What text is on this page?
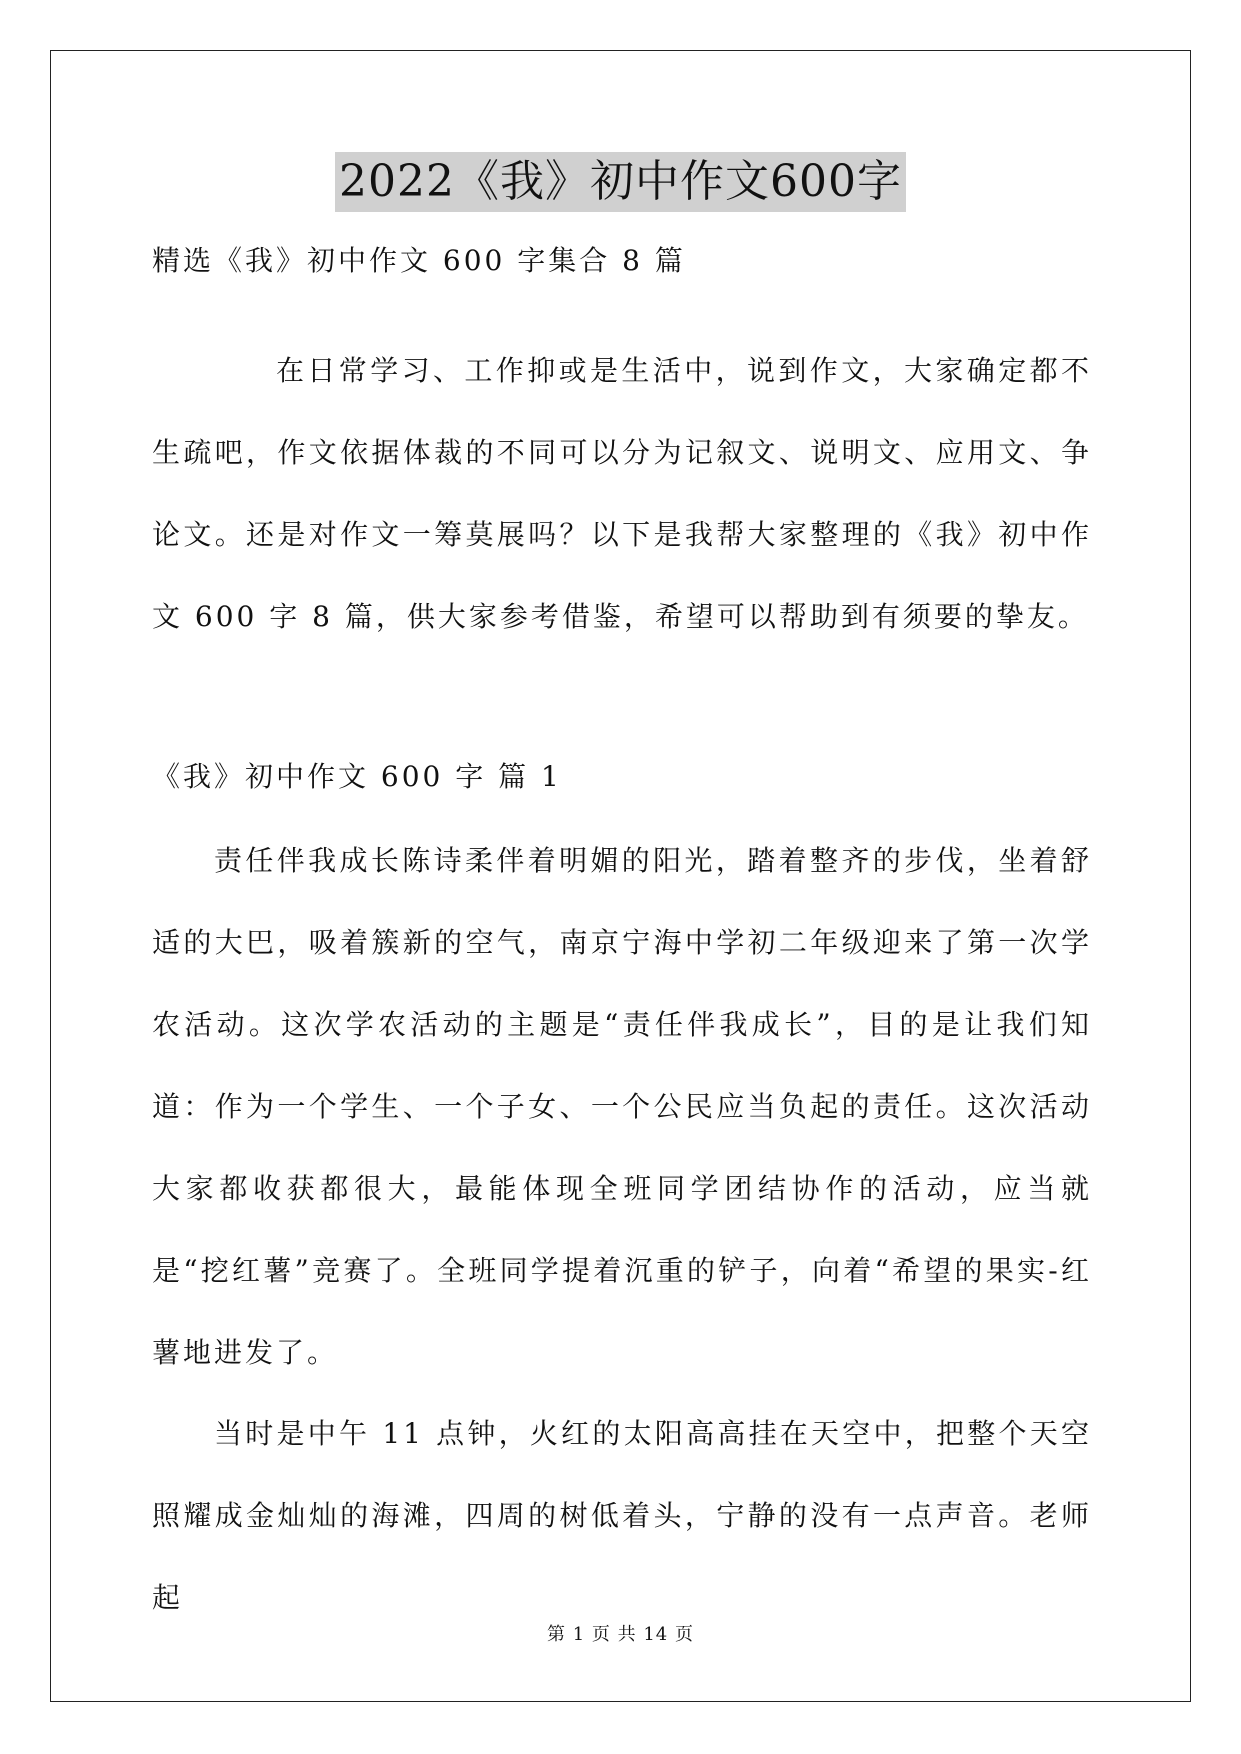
2022《我》初中作文600字
精选《我》初中作文 600 字集合 8 篇
在日常学习、工作抑或是生活中，说到作文，大家确定都不生疏吧，作文依据体裁的不同可以分为记叙文、说明文、应用文、争论文。还是对作文一筹莫展吗？以下是我帮大家整理的《我》初中作文 600 字 8 篇，供大家参考借鉴，希望可以帮助到有须要的挚友。
《我》初中作文 600 字 篇 1
责任伴我成长陈诗柔伴着明媚的阳光，踏着整齐的步伐，坐着舒适的大巴，吸着簇新的空气，南京宁海中学初二年级迎来了第一次学农活动。这次学农活动的主题是“责任伴我成长”，目的是让我们知道：作为一个学生、一个子女、一个公民应当负起的责任。这次活动大家都收获都很大，最能体现全班同学团结协作的活动，应当就是“挖红薯”竞赛了。全班同学提着沉重的铲子，向着“希望的果实-红薯地进发了。
当时是中午 11 点钟，火红的太阳高高挂在天空中，把整个天空照耀成金灿灿的海滩，四周的树低着头，宁静的没有一点声音。老师起
第 1 页 共 14 页
